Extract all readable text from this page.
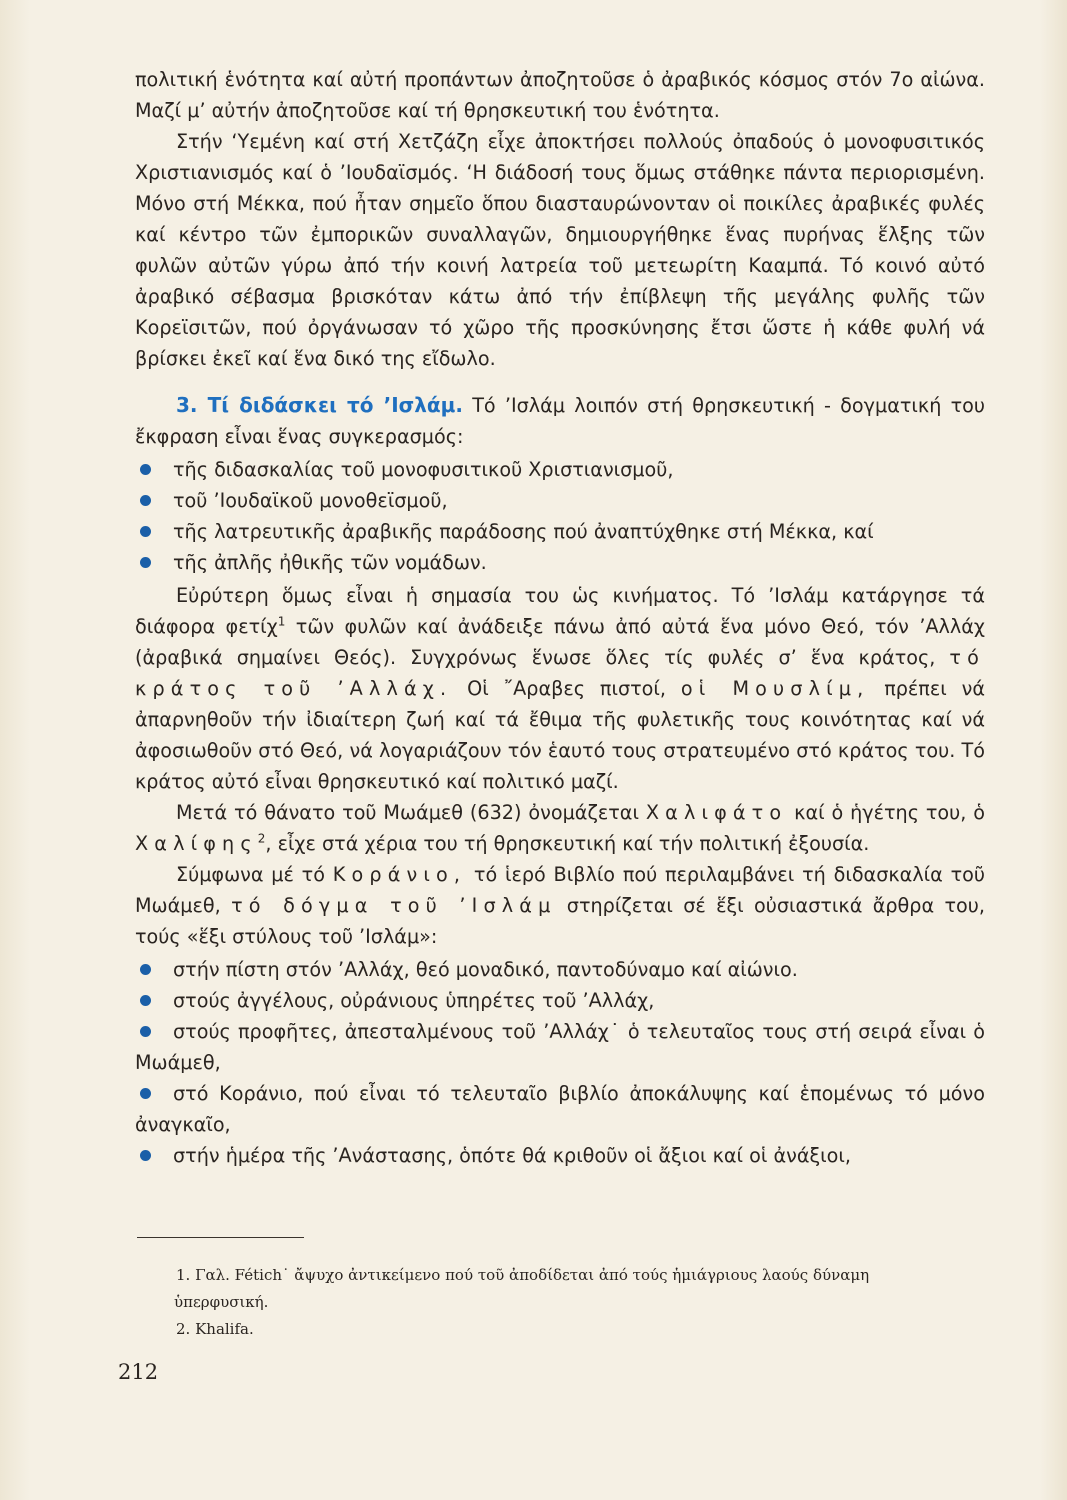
πολιτική ἑνότητα καί αὐτή προπάντων ἀποζητοῦσε ὁ ἀραβικός κόσμος στόν 7ο αἰώνα. Μαζί μ’ αὐτήν ἀποζητοῦσε καί τή θρησκευτική του ἑνότητα.

Στήν ‘Υεμένη καί στή Χετζάζη εἶχε ἀποκτήσει πολλούς ὀπαδούς ὁ μονοφυσιτικός Χριστιανισμός καί ὁ ’Ιουδαϊσμός. ‘Η διάδοσή τους ὅμως στάθηκε πάντα περιορισμένη. Μόνο στή Μέκκα, πού ἦταν σημεῖο ὅπου διασταυρώνονταν οἱ ποικίλες ἀραβικές φυλές καί κέντρο τῶν ἐμπορικῶν συναλλαγῶν, δημιουργήθηκε ἕνας πυρήνας ἕλξης τῶν φυλῶν αὐτῶν γύρω ἀπό τήν κοινή λατρεία τοῦ μετεωρίτη Κααμπά. Τό κοινό αὐτό ἀραβικό σέβασμα βρισκόταν κάτω ἀπό τήν ἐπίβλεψη τῆς μεγάλης φυλῆς τῶν Κορεϊσιτῶν, πού ὀργάνωσαν τό χῶρο τῆς προσκύνησης ἔτσι ὥστε ἡ κάθε φυλή νά βρίσκει ἐκεῖ καί ἕνα δικό της εἴδωλο.

3. Τί διδάσκει τό ’Ισλάμ. Τό ’Ισλάμ λοιπόν στή θρησκευτική - δογματική του ἔκφραση εἶναι ἕνας συγκερασμός:

τῆς διδασκαλίας τοῦ μονοφυσιτικοῦ Χριστιανισμοῦ,
τοῦ ’Ιουδαϊκοῦ μονοθεϊσμοῦ,
τῆς λατρευτικῆς ἀραβικῆς παράδοσης πού ἀναπτύχθηκε στή Μέκκα, καί
τῆς ἀπλῆς ἠθικῆς τῶν νομάδων.

Εὐρύτερη ὅμως εἶναι ἡ σημασία του ὡς κινήματος. Τό ’Ισλάμ κατάργησε τά διάφορα φετίχ$^1$ τῶν φυλῶν καί ἀνάδειξε πάνω ἀπό αὐτά ἕνα μόνο Θεό, τόν ’Αλλάχ (ἀραβικά σημαίνει Θεός). Συγχρόνως ἕνωσε ὅλες τίς φυλές σ’ ἕνα κράτος, τό κράτος τοῦ ’Αλλάχ. Οἱ ῎Αραβες πιστοί, οἱ Μουσλίμ, πρέπει νά ἀπαρνηθοῦν τήν ἰδιαίτερη ζωή καί τά ἔθιμα τῆς φυλετικῆς τους κοινότητας καί νά ἀφοσιωθοῦν στό Θεό, νά λογαριάζουν τόν ἑαυτό τους στρατευμένο στό κράτος του. Τό κράτος αὐτό εἶναι θρησκευτικό καί πολιτικό μαζί.

Μετά τό θάνατο τοῦ Μωάμεθ (632) ὀνομάζεται Χαλιφάτο καί ὁ ἡγέτης του, ὁ Χαλίφης$^2$, εἶχε στά χέρια του τή θρησκευτική καί τήν πολιτική ἐξουσία.

Σύμφωνα μέ τό Κοράνιο, τό ἱερό Βιβλίο πού περιλαμβάνει τή διδασκαλία τοῦ Μωάμεθ, τό δόγμα τοῦ ’Ισλάμ στηρίζεται σέ ἕξι οὐσιαστικά ἄρθρα του, τούς «ἕξι στύλους τοῦ ’Ισλάμ»:

στήν πίστη στόν ’Αλλάχ, θεό μοναδικό, παντοδύναμο καί αἰώνιο.
στούς ἀγγέλους, οὐράνιους ὑπηρέτες τοῦ ’Αλλάχ,
στούς προφῆτες, ἀπεσταλμένους τοῦ ’Αλλάχ˙ ὁ τελευταῖος τους στή σειρά εἶναι ὁ Μωάμεθ,
στό Κοράνιο, πού εἶναι τό τελευταῖο βιβλίο ἀποκάλυψης καί ἑπομένως τό μόνο ἀναγκαῖο,
στήν ἡμέρα τῆς ’Ανάστασης, ὁπότε θά κριθοῦν οἱ ἄξιοι καί οἱ ἀνάξιοι,

1. Γαλ. Fétich˙ ἄψυχο ἀντικείμενο πού τοῦ ἀποδίδεται ἀπό τούς ἡμιάγριους λαούς δύναμη

ὑπερφυσική.

2. Khalifa.

212
